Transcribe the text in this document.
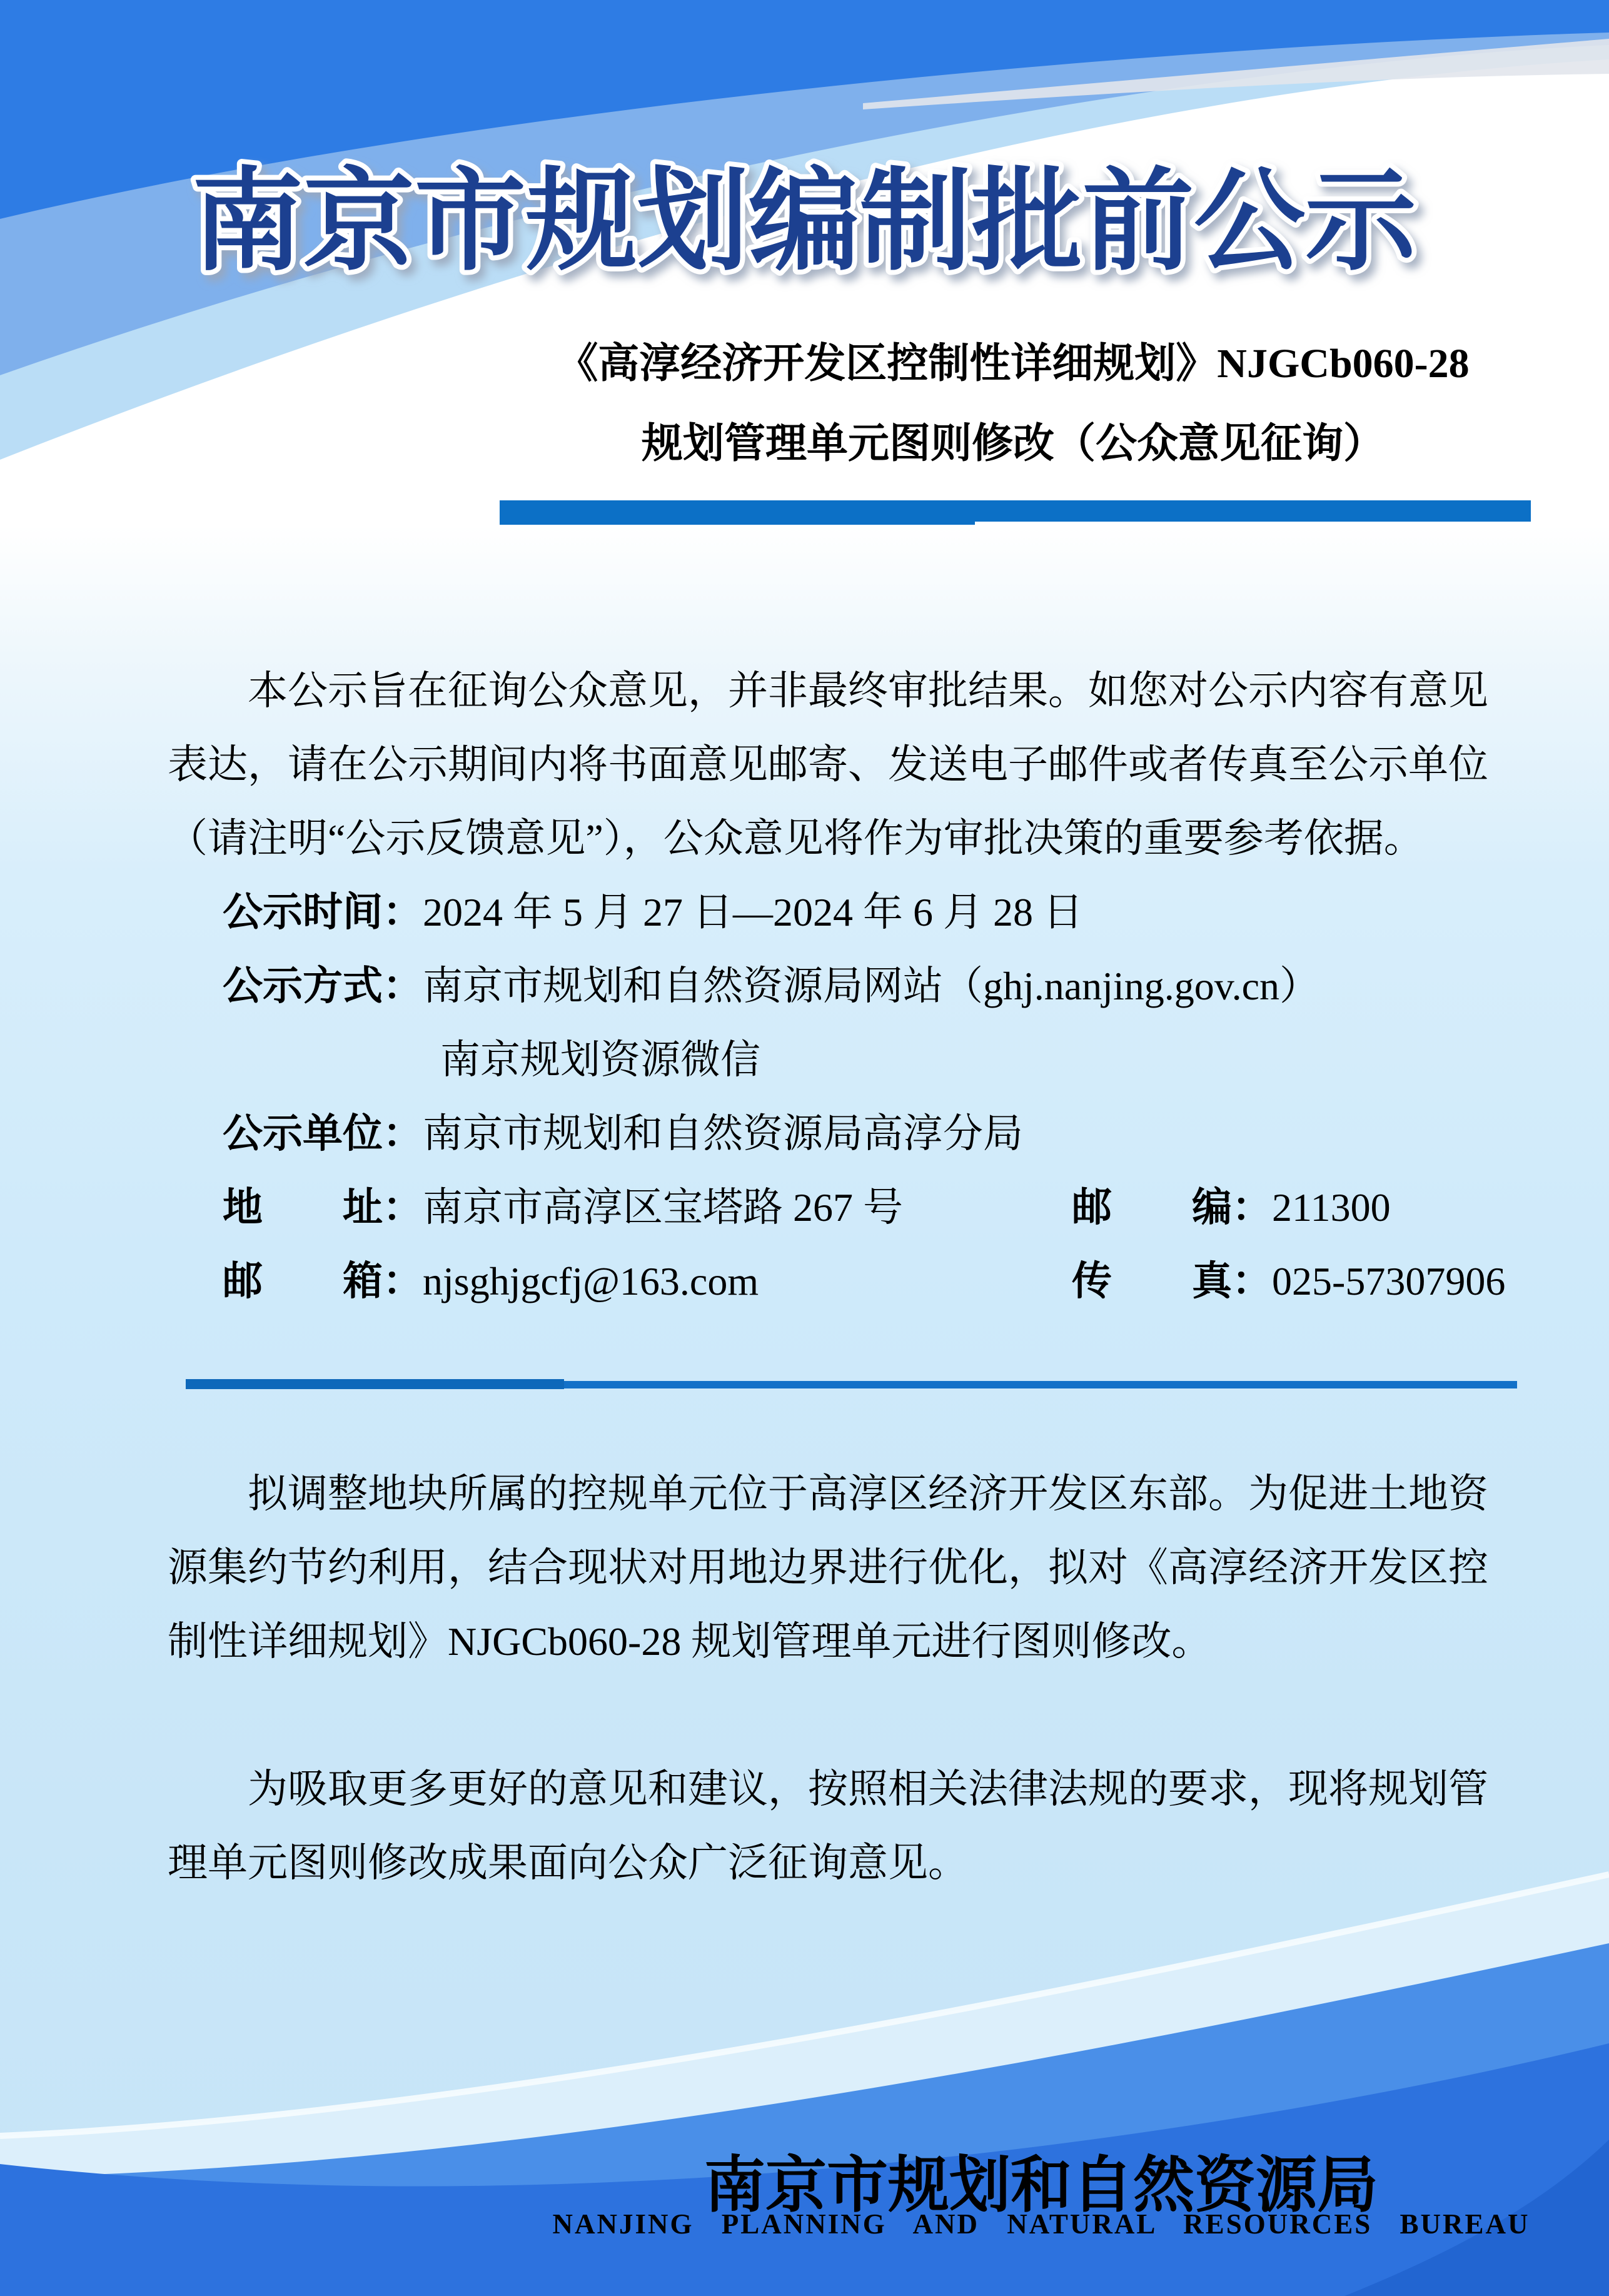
南京市规划编制批前公示
《高淳经济开发区控制性详细规划》NJGCb060-28
规划管理单元图则修改（公众意见征询）
本公示旨在征询公众意见，并非最终审批结果。如您对公示内容有意见
表达，请在公示期间内将书面意见邮寄、发送电子邮件或者传真至公示单位
（请注明“公示反馈意见”），公众意见将作为审批决策的重要参考依据。
公示时间：2024 年 5 月 27 日—2024 年 6 月 28 日
公示方式：南京市规划和自然资源局网站（ghj.nanjing.gov.cn）
南京规划资源微信
公示单位：南京市规划和自然资源局高淳分局
地　　址：南京市高淳区宝塔路 267 号	邮　　编：211300
邮　　箱：njsghjgcfj@163.com	传　　真：025-57307906
拟调整地块所属的控规单元位于高淳区经济开发区东部。为促进土地资
源集约节约利用，结合现状对用地边界进行优化，拟对《高淳经济开发区控
制性详细规划》NJGCb060-28 规划管理单元进行图则修改。
为吸取更多更好的意见和建议，按照相关法律法规的要求，现将规划管
理单元图则修改成果面向公众广泛征询意见。
南京市规划和自然资源局
NANJING PLANNING AND NATURAL RESOURCES BUREAU
